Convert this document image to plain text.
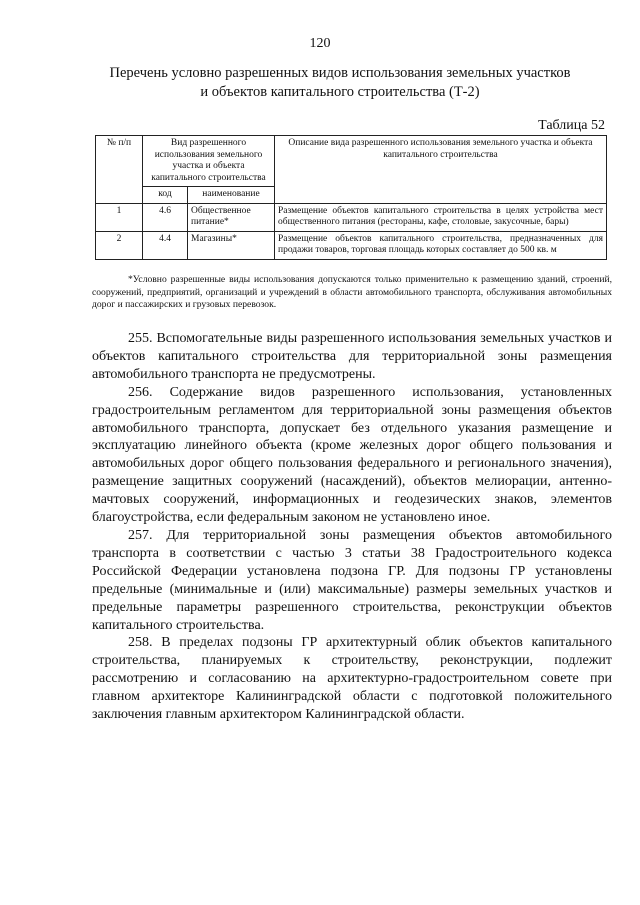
120
Перечень условно разрешенных видов использования земельных участков
и объектов капитального строительства (Т-2)
Таблица 52
№ п/п	Вид разрешенного использования земельного участка и объекта капитального строительства		Описание вида разрешенного использования земельного участка и объекта капитального строительства
	код	наименование	
1	4.6	Общественное питание*	Размещение объектов капитального строительства в целях устройства мест общественного питания (рестораны, кафе, столовые, закусочные, бары)
2	4.4	Магазины*	Размещение объектов капитального строительства, предназначенных для продажи товаров, торговая площадь которых составляет до 500 кв. м
*Условно разрешенные виды использования допускаются только применительно к размещению зданий, строений, сооружений, предприятий, организаций и учреждений в области автомобильного транспорта, обслуживания автомобильных дорог и пассажирских и грузовых перевозок.

255. Вспомогательные виды разрешенного использования земельных участков и объектов капитального строительства для территориальной зоны размещения автомобильного транспорта не предусмотрены.

256. Содержание видов разрешенного использования, установленных градостроительным регламентом для территориальной зоны размещения объектов автомобильного транспорта, допускает без отдельного указания размещение и эксплуатацию линейного объекта (кроме железных дорог общего пользования и автомобильных дорог общего пользования федерального и регионального значения), размещение защитных сооружений (насаждений), объектов мелиорации, антенно-мачтовых сооружений, информационных и геодезических знаков, элементов благоустройства, если федеральным законом не установлено иное.

257. Для территориальной зоны размещения объектов автомобильного транспорта в соответствии с частью 3 статьи 38 Градостроительного кодекса Российской Федерации установлена подзона ГР. Для подзоны ГР установлены предельные (минимальные и (или) максимальные) размеры земельных участков и предельные параметры разрешенного строительства, реконструкции объектов капитального строительства.

258. В пределах подзоны ГР архитектурный облик объектов капитального строительства, планируемых к строительству, реконструкции, подлежит рассмотрению и согласованию на архитектурно-градостроительном совете при главном архитекторе Калининградской области с подготовкой положительного заключения главным архитектором Калининградской области.
